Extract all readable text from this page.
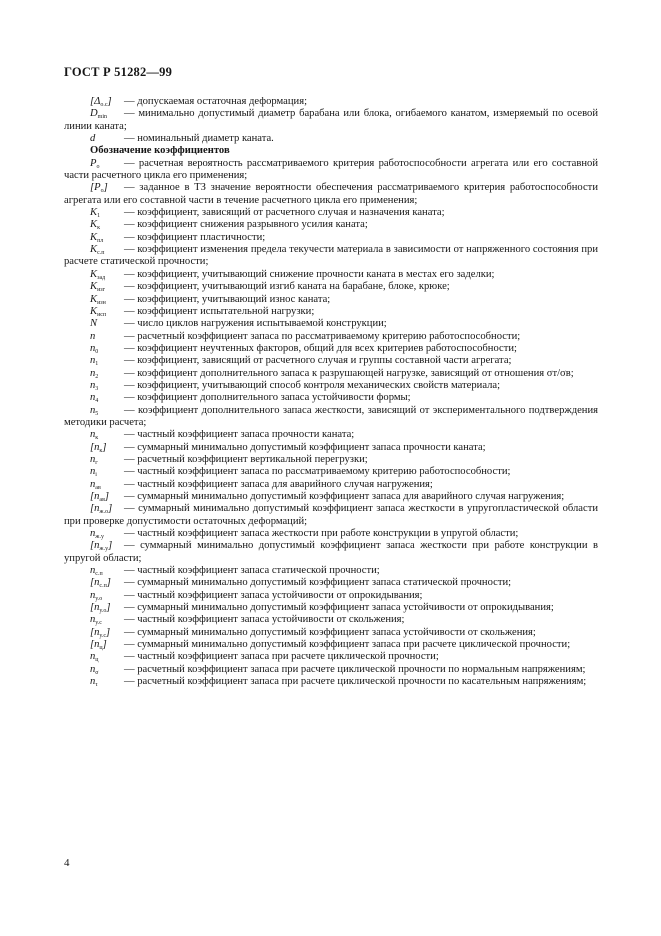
ГОСТ Р 51282—99

$[\Delta_{о.с}]$ — допускаемая остаточная деформация;

$D_{min}$ — минимально допустимый диаметр барабана или блока, огибаемого канатом, измеряемый по осевой линии каната;

d	— номинальный диаметр каната.

Обозначение коэффициентов

$P_о$ — расчетная вероятность рассматриваемого критерия работоспособности агрегата или его составной части расчетного цикла его применения;

$[P_о]$ — заданное в ТЗ значение вероятности обеспечения рассматриваемого критерия работоспособности агрегата или его составной части в течение расчетного цикла его применения;

$K_1$ — коэффициент, зависящий от расчетного случая и назначения каната;

$K_к$ — коэффициент снижения разрывного усилия каната;

$K_{пл}$ — коэффициент пластичности;

$K_{с.п}$ — коэффициент изменения предела текучести материала в зависимости от напряженного состояния при расчете статической прочности;

$K_{зад}$ — коэффициент, учитывающий снижение прочности каната в местах его заделки;

$K_{изг}$ — коэффициент, учитывающий изгиб каната на барабане, блоке, крюке;

$K_{изн}$ — коэффициент, учитывающий износ каната;

$K_{исп}$ — коэффициент испытательной нагрузки;

N	— число циклов нагружения испытываемой конструкции;

n	— расчетный коэффициент запаса по рассматриваемому критерию работоспособности;

$n_0$ — коэффициент неучтенных факторов, общий для всех критериев работоспособности;

$n_1$ — коэффициент, зависящий от расчетного случая и группы составной части агрегата;

$n_2$ — коэффициент дополнительного запаса к разрушающей нагрузке, зависящий от отношения σт/σв;

$n_3$ — коэффициент, учитывающий способ контроля механических свойств материала;

$n_4$ — коэффициент дополнительного запаса устойчивости формы;

$n_5$ — коэффициент дополнительного запаса жесткости, зависящий от экспериментального подтверждения методики расчета;

$n_к$ — частный коэффициент запаса прочности каната;

$[n_к]$ — суммарный минимально допустимый коэффициент запаса прочности каната;

$n_г$ — расчетный коэффициент вертикальной перегрузки;

$n_i$	— частный коэффициент запаса по рассматриваемому критерию работоспособности;

$n_{ав}$ — частный коэффициент запаса для аварийного случая нагружения;

$[n_{ав}]$ — суммарный минимально допустимый коэффициент запаса для аварийного случая нагружения;

$[n_{ж.о}]$ — суммарный минимально допустимый коэффициент запаса жесткости в упругопластической области при проверке допустимости остаточных деформаций;

$n_{ж.у}$ — частный коэффициент запаса жесткости при работе конструкции в упругой области;

$[n_{ж.у}]$ — суммарный минимально допустимый коэффициент запаса жесткости при работе конструкции в упругой области;

$n_{с.п}$ — частный коэффициент запаса статической прочности;

$[n_{с.п}]$ — суммарный минимально допустимый коэффициент запаса статической прочности;

$n_{у.о}$ — частный коэффициент запаса устойчивости от опрокидывания;

$[n_{у.о}]$ — суммарный минимально допустимый коэффициент запаса устойчивости от опрокидывания;

$n_{у.с}$ — частный коэффициент запаса устойчивости от скольжения;

$[n_{у.с}]$ — суммарный минимально допустимый коэффициент запаса устойчивости от скольжения;

$[n_ц]$ — суммарный минимально допустимый коэффициент запаса при расчете циклической прочности;

$n_ц$ — частный коэффициент запаса при расчете циклической прочности;

$n_\sigma$ — расчетный коэффициент запаса при расчете циклической прочности по нормальным напряжениям;

$n_\tau$ — расчетный коэффициент запаса при расчете циклической прочности по касательным напряжениям;

4
